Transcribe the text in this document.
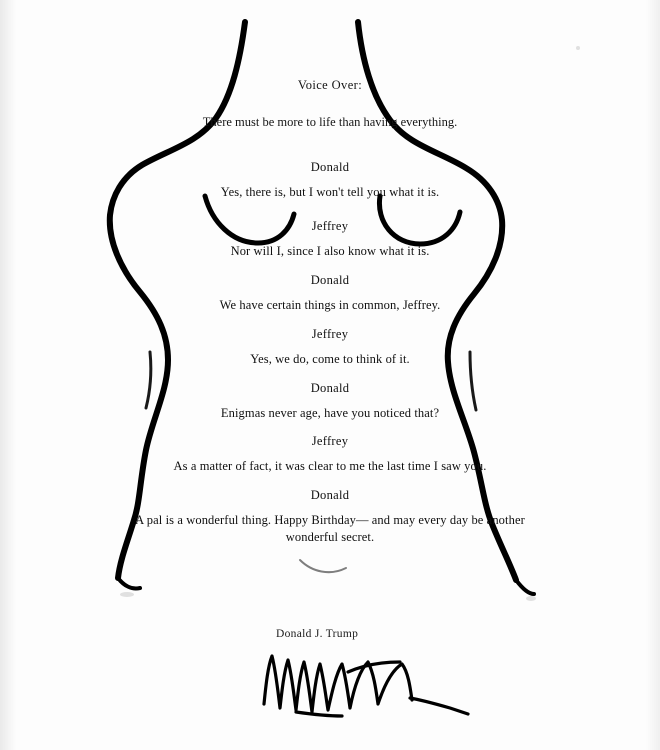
Voice Over:

There must be more to life than having everything.

Donald

Yes, there is, but I won't tell you what it is.

Jeffrey

Nor will I, since I also know what it is.

Donald

We have certain things in common, Jeffrey.

Jeffrey

Yes, we do, come to think of it.

Donald

Enigmas never age, have you noticed that?

Jeffrey

As a matter of fact, it was clear to me the last time I saw you.

Donald

A pal is a wonderful thing. Happy Birthday— and may every day be another wonderful secret.

Donald J. Trump
